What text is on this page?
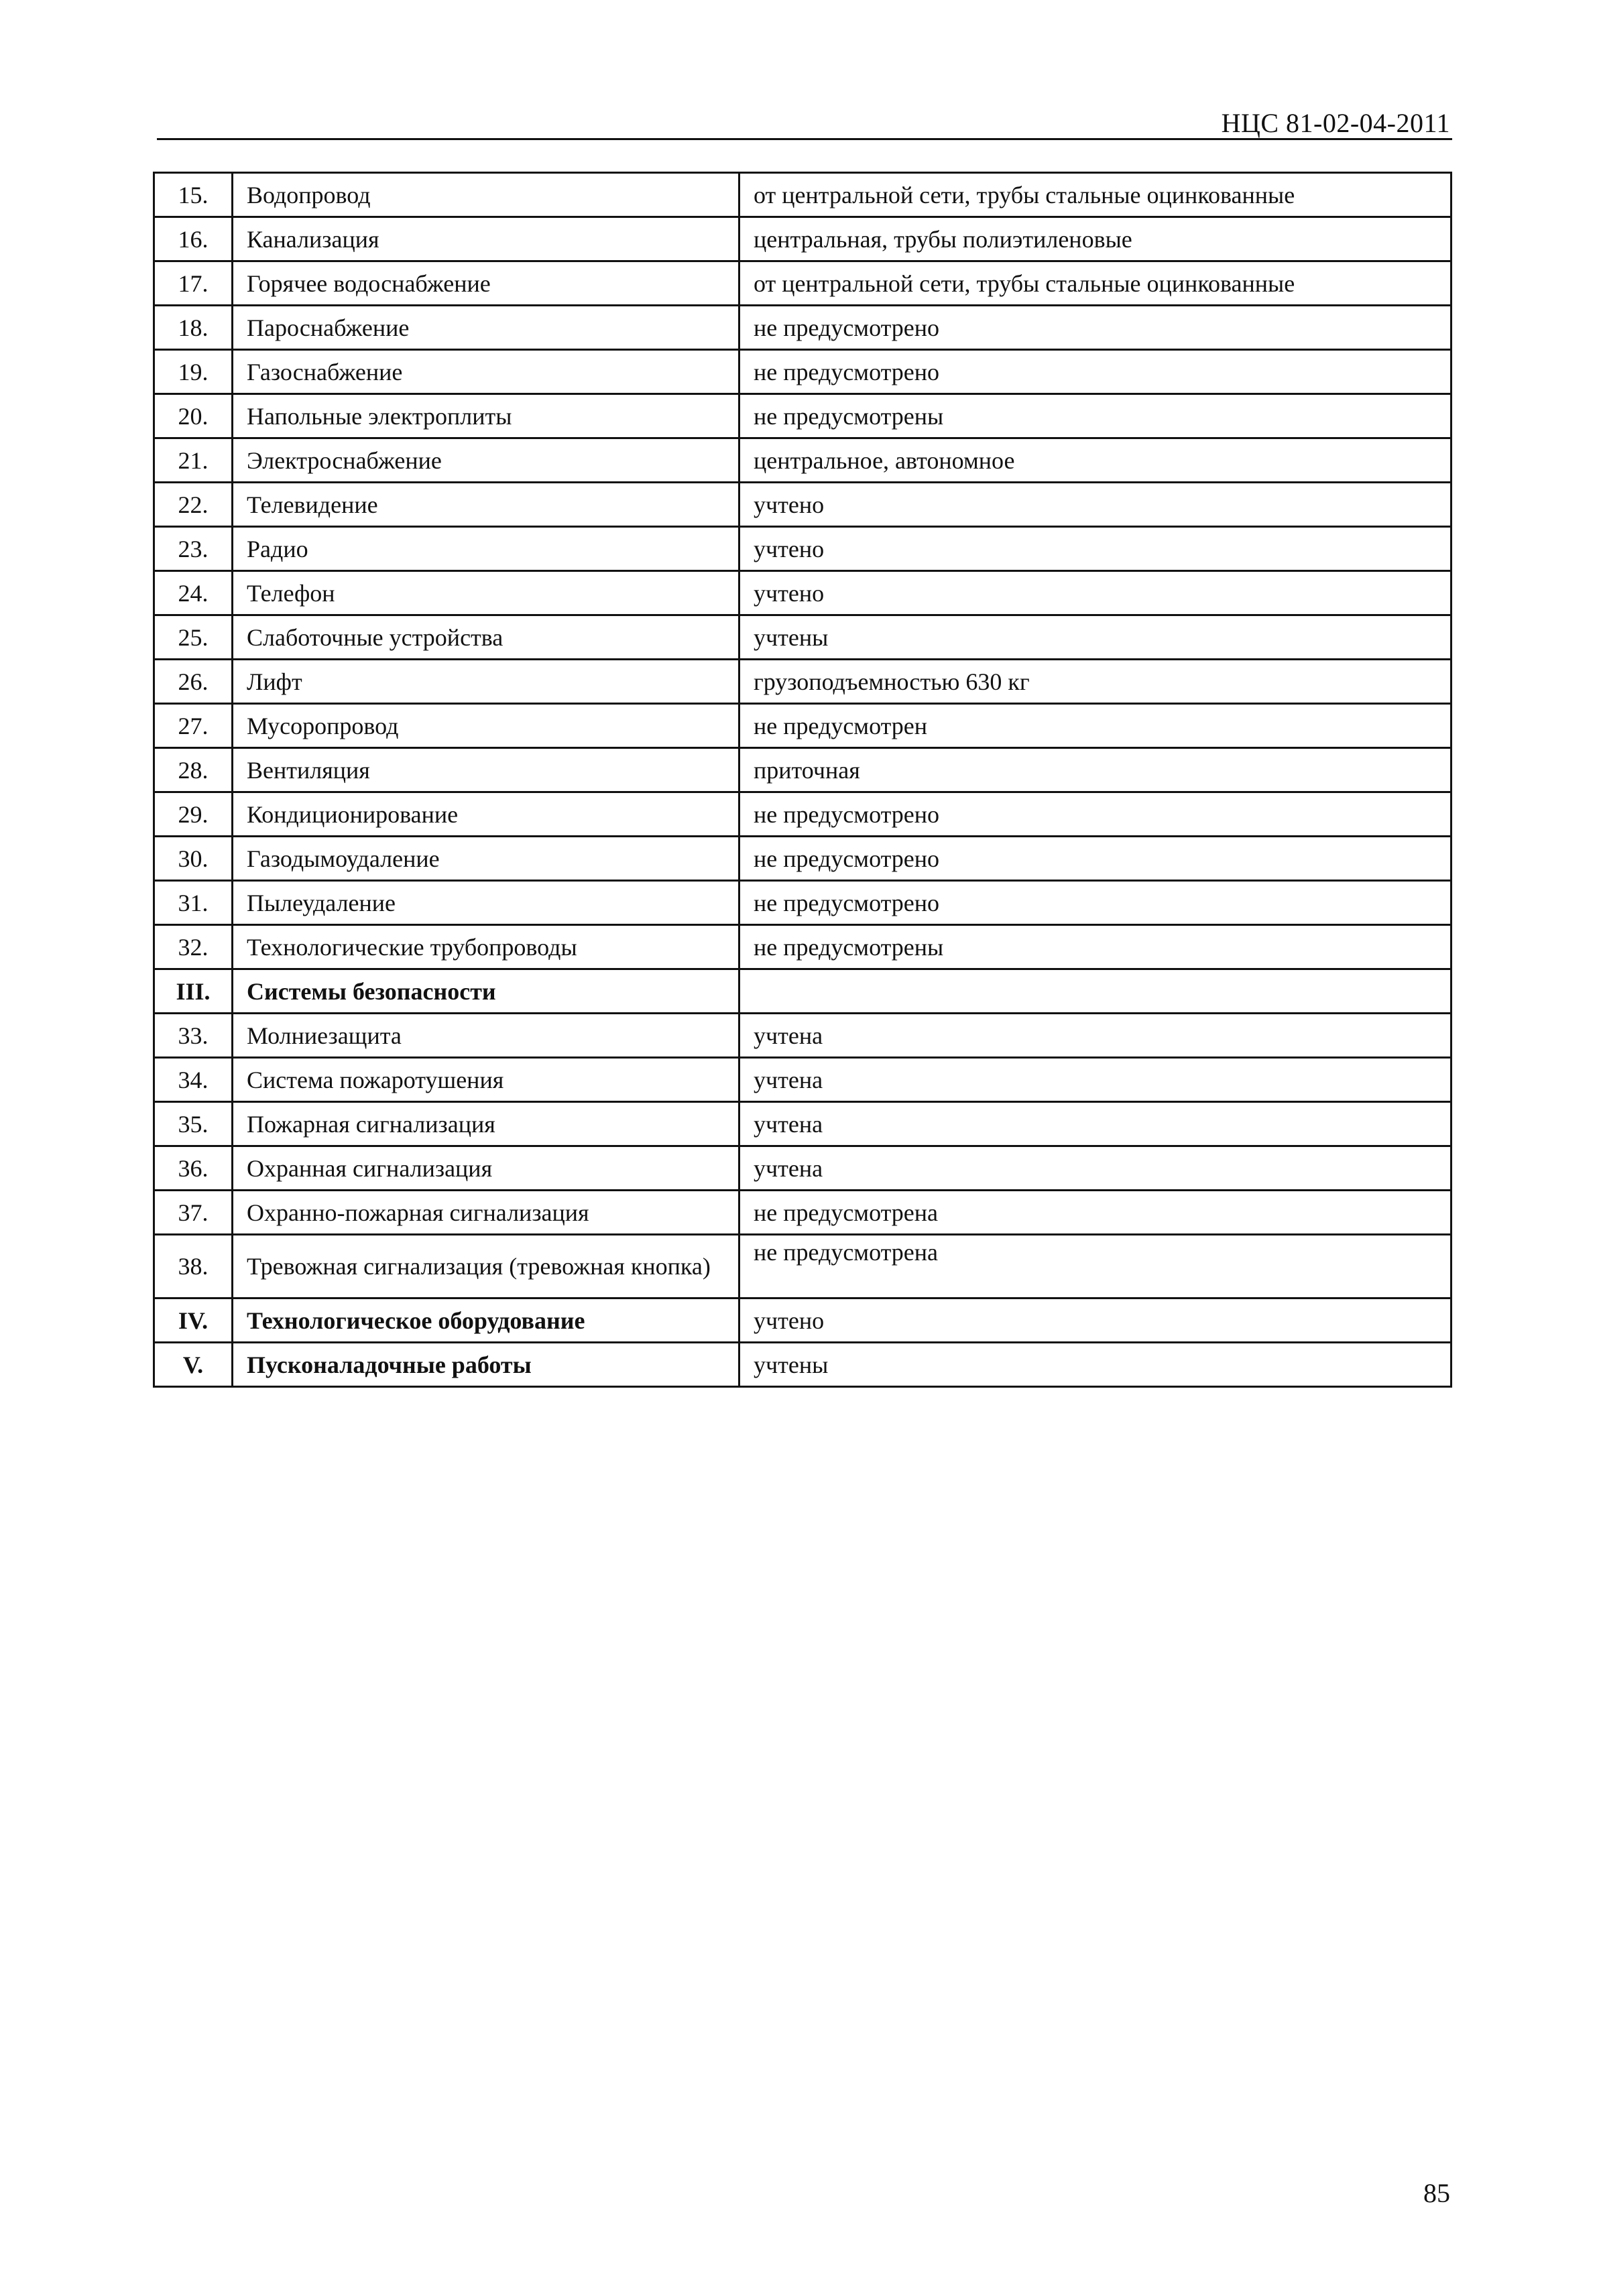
НЦС 81-02-04-2011
15.	Водопровод	от центральной сети, трубы стальные оцинкованные
16.	Канализация	центральная, трубы полиэтиленовые
17.	Горячее водоснабжение	от центральной сети, трубы стальные оцинкованные
18.	Пароснабжение	не предусмотрено
19.	Газоснабжение	не предусмотрено
20.	Напольные электроплиты	не предусмотрены
21.	Электроснабжение	центральное, автономное
22.	Телевидение	учтено
23.	Радио	учтено
24.	Телефон	учтено
25.	Слаботочные устройства	учтены
26.	Лифт	грузоподъемностью 630 кг
27.	Мусоропровод	не предусмотрен
28.	Вентиляция	приточная
29.	Кондиционирование	не предусмотрено
30.	Газодымоудаление	не предусмотрено
31.	Пылеудаление	не предусмотрено
32.	Технологические трубопроводы	не предусмотрены
III.	Системы безопасности	
33.	Молниезащита	учтена
34.	Система пожаротушения	учтена
35.	Пожарная сигнализация	учтена
36.	Охранная сигнализация	учтена
37.	Охранно-пожарная сигнализация	не предусмотрена
38.	Тревожная сигнализация (тревожная кнопка)	не предусмотрена
IV.	Технологическое оборудование	учтено
V.	Пусконаладочные работы	учтены
85
